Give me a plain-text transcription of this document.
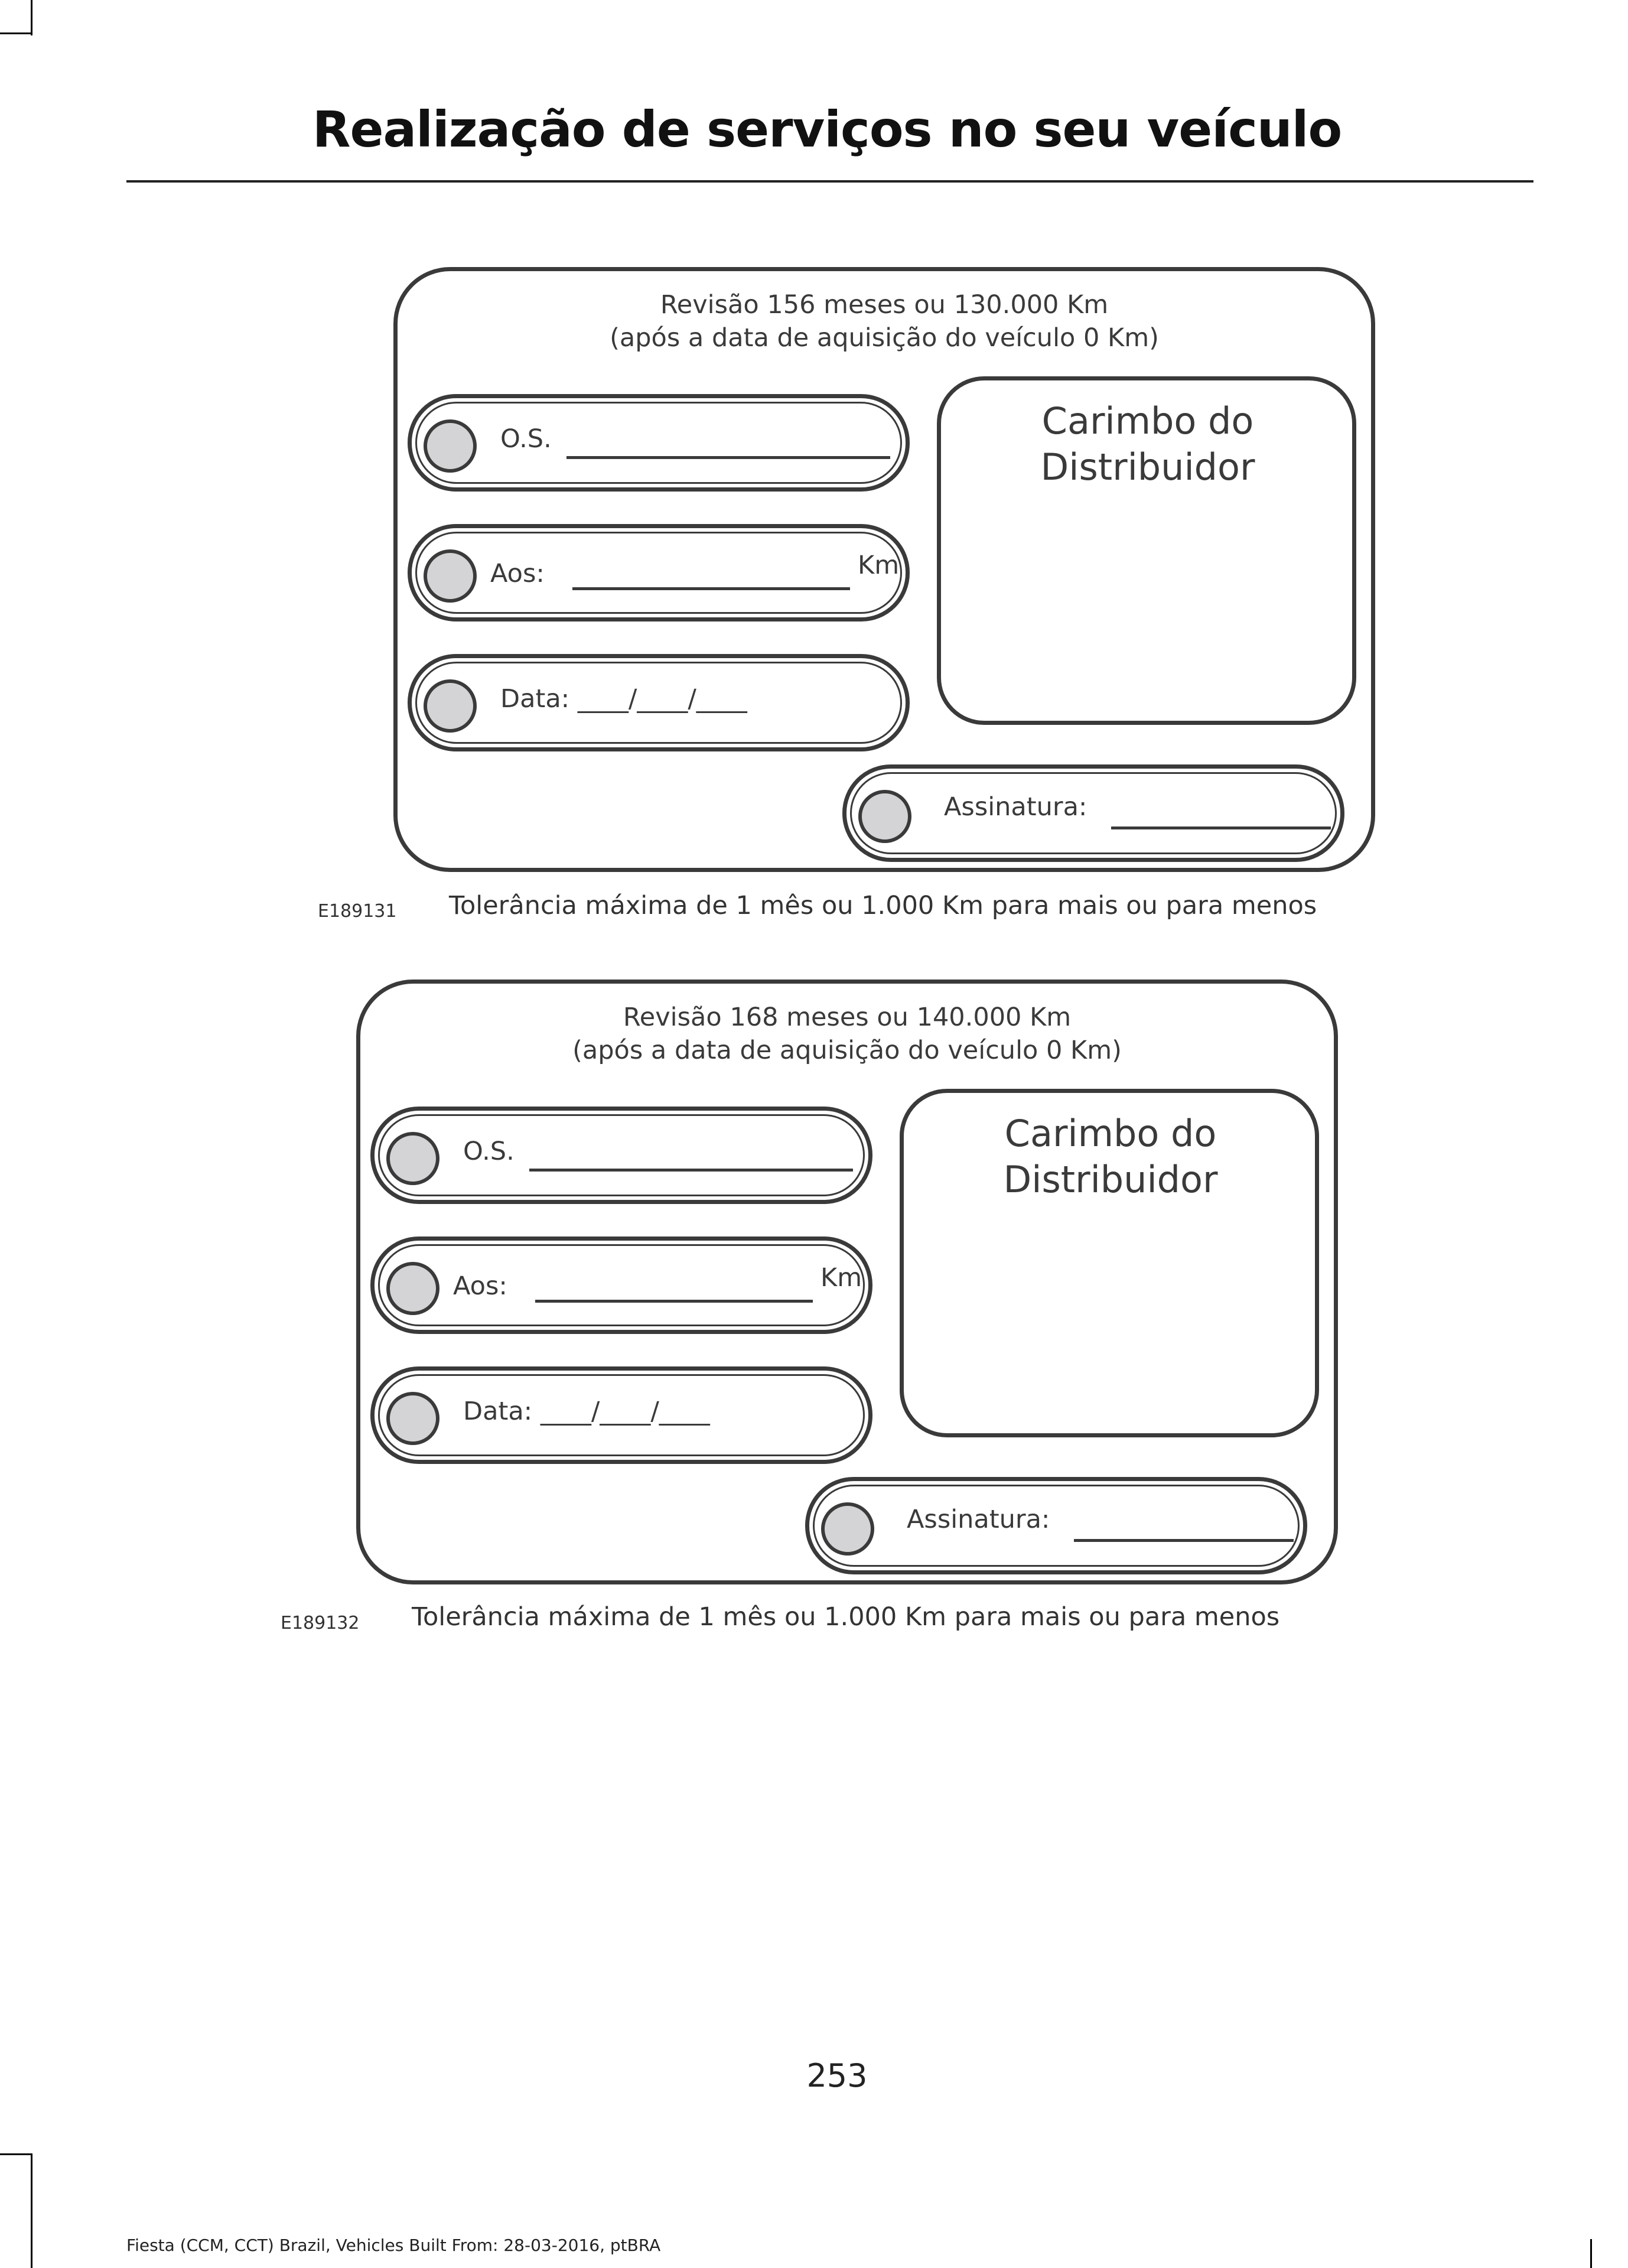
Realização de serviços no seu veículo
Revisão 156 meses ou 130.000 Km
(após a data de aquisição do veículo 0 Km)
O.S.
Aos:	Km
Data: ____/____/____
Carimbo do
Distribuidor
Assinatura:
E189131 Tolerância máxima de 1 mês ou 1.000 Km para mais ou para menos
Revisão 168 meses ou 140.000 Km
(após a data de aquisição do veículo 0 Km)
O.S.
Aos:	Km
Data: ____/____/____
Carimbo do
Distribuidor
Assinatura:
E189132 Tolerância máxima de 1 mês ou 1.000 Km para mais ou para menos
253
Fiesta (CCM, CCT) Brazil, Vehicles Built From: 28-03-2016, ptBRA
